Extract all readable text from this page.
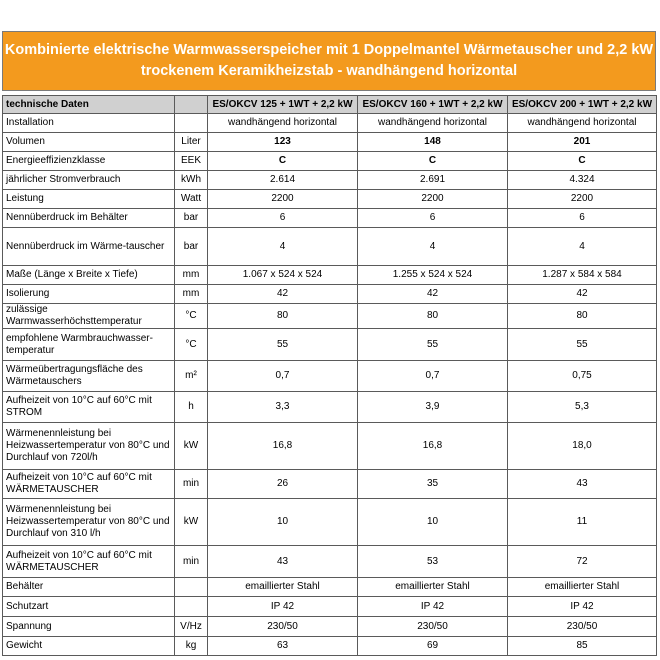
Kombinierte elektrische Warmwasserspeicher mit 1 Doppelmantel Wärmetauscher und 2,2 kW
trockenem Keramikheizstab - wandhängend horizontal
technische Daten		ES/OKCV 125 + 1WT + 2,2 kW	ES/OKCV 160 + 1WT + 2,2 kW	ES/OKCV 200 + 1WT + 2,2 kW
Installation		wandhängend horizontal	wandhängend horizontal	wandhängend horizontal
Volumen	Liter	123	148	201
Energieeffizienzklasse	EEK	C	C	C
jährlicher Stromverbrauch	kWh	2.614	2.691	4.324
Leistung	Watt	2200	2200	2200
Nennüberdruck im Behälter	bar	6	6	6
Nennüberdruck im Wärme-tauscher	bar	4	4	4
Maße (Länge x Breite x Tiefe)	mm	1.067 x 524 x 524	1.255 x 524 x 524	1.287 x 584 x 584
Isolierung	mm	42	42	42
zulässige Warmwasserhöchsttemperatur	°C	80	80	80
empfohlene Warmbrauchwasser-temperatur	°C	55	55	55
Wärmeübertragungsfläche des Wärmetauschers	m²	0,7	0,7	0,75
Aufheizeit von 10°C auf 60°C mit STROM	h	3,3	3,9	5,3
Wärmenennleistung bei Heizwassertemperatur von 80°C und Durchlauf von 720l/h	kW	16,8	16,8	18,0
Aufheizeit von 10°C auf 60°C mit WÄRMETAUSCHER	min	26	35	43
Wärmenennleistung bei Heizwassertemperatur von 80°C und Durchlauf von 310 l/h	kW	10	10	11
Aufheizeit von 10°C auf 60°C mit WÄRMETAUSCHER	min	43	53	72
Behälter		emaillierter Stahl	emaillierter Stahl	emaillierter Stahl
Schutzart		IP 42	IP 42	IP 42
Spannung	V/Hz	230/50	230/50	230/50
Gewicht	kg	63	69	85
